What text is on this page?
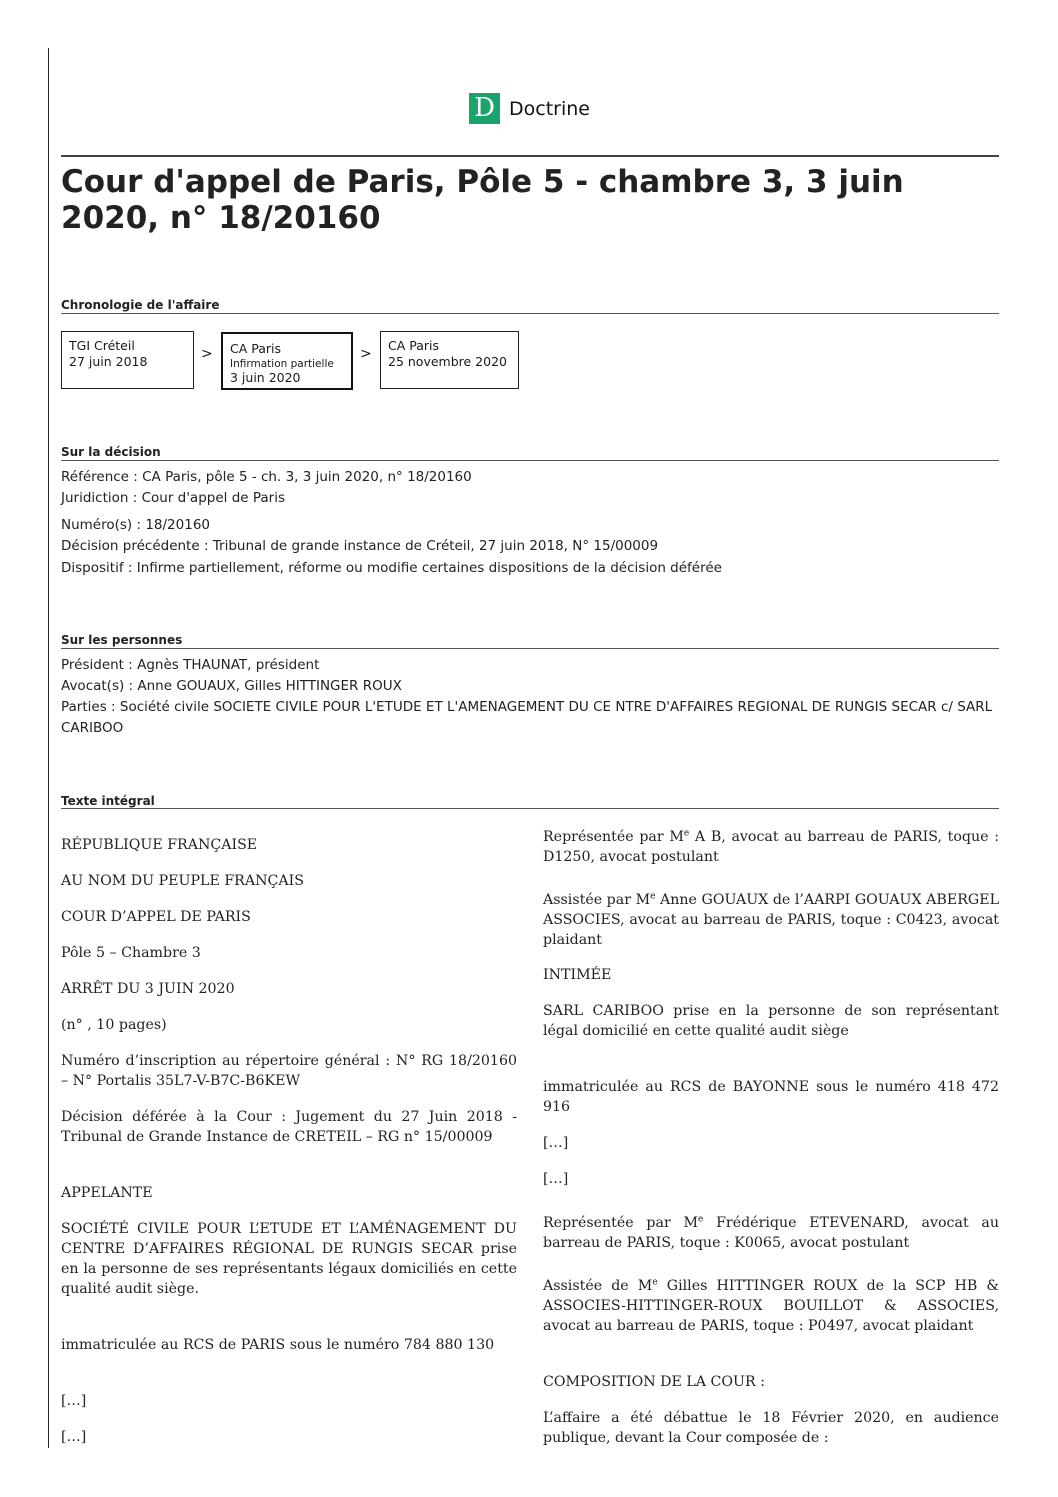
D Doctrine
Cour d'appel de Paris, Pôle 5 - chambre 3, 3 juin 2020, n° 18/20160
Chronologie de l'affaire
TGI Créteil
27 juin 2018	> CA Paris
Infirmation partielle
3 juin 2020
>
CA Paris
25 novembre 2020
Sur la décision
Référence : CA Paris, pôle 5 - ch. 3, 3 juin 2020, n° 18/20160
Juridiction : Cour d'appel de Paris
Numéro(s) : 18/20160
Décision précédente : Tribunal de grande instance de Créteil, 27 juin 2018, N° 15/00009
Dispositif : Infirme partiellement, réforme ou modifie certaines dispositions de la décision déférée
Sur les personnes
Président : Agnès THAUNAT, président
Avocat(s) : Anne GOUAUX, Gilles HITTINGER ROUX
Parties : Société civile SOCIETE CIVILE POUR L'ETUDE ET L'AMENAGEMENT DU CE NTRE D'AFFAIRES REGIONAL DE RUNGIS SECAR c/ SARL CARIBOO
Texte intégral

RÉPUBLIQUE FRANÇAISE

AU NOM DU PEUPLE FRANÇAIS

COUR D’APPEL DE PARIS

Pôle 5 – Chambre 3

ARRÊT DU 3 JUIN 2020

(n° , 10 pages)

Numéro d’inscription au répertoire général : N° RG 18/20160 – N° Portalis 35L7-V-B7C-B6KEW

Décision déférée à la Cour : Jugement du 27 Juin 2018 -Tribunal de Grande Instance de CRETEIL – RG n° 15/00009

APPELANTE

SOCIÉTÉ CIVILE POUR L’ETUDE ET L’AMÉNAGEMENT DU CENTRE D’AFFAIRES RÉGIONAL DE RUNGIS SECAR prise en la personne de ses représentants légaux domiciliés en cette qualité audit siège.

immatriculée au RCS de PARIS sous le numéro 784 880 130

[…]

[…]

Représentée par Me A B, avocat au barreau de PARIS, toque : D1250, avocat postulant

Assistée par Me Anne GOUAUX de l’AARPI GOUAUX ABERGEL ASSOCIES, avocat au barreau de PARIS, toque : C0423, avocat plaidant

INTIMÉE

SARL CARIBOO prise en la personne de son représentant légal domicilié en cette qualité audit siège

immatriculée au RCS de BAYONNE sous le numéro 418 472 916

[…]

[…]

Représentée par Me Frédérique ETEVENARD, avocat au barreau de PARIS, toque : K0065, avocat postulant

Assistée de Me Gilles HITTINGER ROUX de la SCP HB & ASSOCIES-HITTINGER-ROUX BOUILLOT & ASSOCIES, avocat au barreau de PARIS, toque : P0497, avocat plaidant

COMPOSITION DE LA COUR :

L’affaire a été débattue le 18 Février 2020, en audience publique, devant la Cour composée de :
